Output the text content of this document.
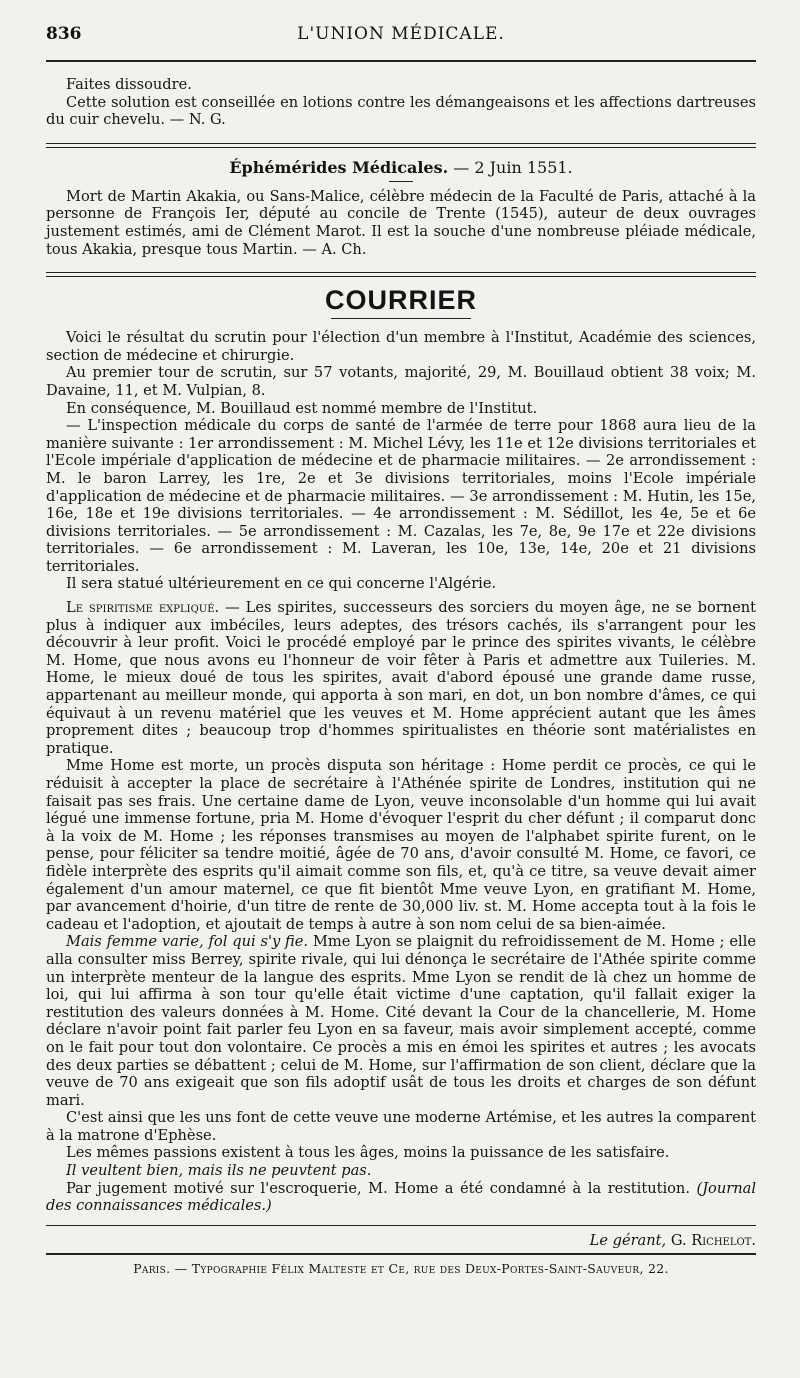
836	L'UNION MÉDICALE.

Faites dissoudre.

Cette solution est conseillée en lotions contre les démangeaisons et les affections dartreuses du cuir chevelu. — N. G.

Éphémérides Médicales. — 2 Juin 1551.

Mort de Martin Akakia, ou Sans-Malice, célèbre médecin de la Faculté de Paris, attaché à la personne de François Ier, député au concile de Trente (1545), auteur de deux ouvrages justement estimés, ami de Clément Marot. Il est la souche d'une nombreuse pléiade médicale, tous Akakia, presque tous Martin. — A. Ch.

COURRIER

Voici le résultat du scrutin pour l'élection d'un membre à l'Institut, Académie des sciences, section de médecine et chirurgie.

Au premier tour de scrutin, sur 57 votants, majorité, 29, M. Bouillaud obtient 38 voix; M. Davaine, 11, et M. Vulpian, 8.

En conséquence, M. Bouillaud est nommé membre de l'Institut.

— L'inspection médicale du corps de santé de l'armée de terre pour 1868 aura lieu de la manière suivante : 1er arrondissement : M. Michel Lévy, les 11e et 12e divisions territoriales et l'Ecole impériale d'application de médecine et de pharmacie militaires. — 2e arrondissement : M. le baron Larrey, les 1re, 2e et 3e divisions territoriales, moins l'Ecole impériale d'application de médecine et de pharmacie militaires. — 3e arrondissement : M. Hutin, les 15e, 16e, 18e et 19e divisions territoriales. — 4e arrondissement : M. Sédillot, les 4e, 5e et 6e divisions territoriales. — 5e arrondissement : M. Cazalas, les 7e, 8e, 9e 17e et 22e divisions territoriales. — 6e arrondissement : M. Laveran, les 10e, 13e, 14e, 20e et 21 divisions territoriales.

Il sera statué ultérieurement en ce qui concerne l'Algérie.

Le spiritisme expliqué. — Les spirites, successeurs des sorciers du moyen âge, ne se bornent plus à indiquer aux imbéciles, leurs adeptes, des trésors cachés, ils s'arrangent pour les découvrir à leur profit. Voici le procédé employé par le prince des spirites vivants, le célèbre M. Home, que nous avons eu l'honneur de voir fêter à Paris et admettre aux Tuileries. M. Home, le mieux doué de tous les spirites, avait d'abord épousé une grande dame russe, appartenant au meilleur monde, qui apporta à son mari, en dot, un bon nombre d'âmes, ce qui équivaut à un revenu matériel que les veuves et M. Home apprécient autant que les âmes proprement dites ; beaucoup trop d'hommes spiritualistes en théorie sont matérialistes en pratique.

Mme Home est morte, un procès disputa son héritage : Home perdit ce procès, ce qui le réduisit à accepter la place de secrétaire à l'Athénée spirite de Londres, institution qui ne faisait pas ses frais. Une certaine dame de Lyon, veuve inconsolable d'un homme qui lui avait légué une immense fortune, pria M. Home d'évoquer l'esprit du cher défunt ; il comparut donc à la voix de M. Home ; les réponses transmises au moyen de l'alphabet spirite furent, on le pense, pour féliciter sa tendre moitié, âgée de 70 ans, d'avoir consulté M. Home, ce favori, ce fidèle interprète des esprits qu'il aimait comme son fils, et, qu'à ce titre, sa veuve devait aimer également d'un amour maternel, ce que fit bientôt Mme veuve Lyon, en gratifiant M. Home, par avancement d'hoirie, d'un titre de rente de 30,000 liv. st. M. Home accepta tout à la fois le cadeau et l'adoption, et ajoutait de temps à autre à son nom celui de sa bien-aimée.

Mais femme varie, fol qui s'y fie. Mme Lyon se plaignit du refroidissement de M. Home ; elle alla consulter miss Berrey, spirite rivale, qui lui dénonça le secrétaire de l'Athée spirite comme un interprète menteur de la langue des esprits. Mme Lyon se rendit de là chez un homme de loi, qui lui affirma à son tour qu'elle était victime d'une captation, qu'il fallait exiger la restitution des valeurs données à M. Home. Cité devant la Cour de la chancellerie, M. Home déclare n'avoir point fait parler feu Lyon en sa faveur, mais avoir simplement accepté, comme on le fait pour tout don volontaire. Ce procès a mis en émoi les spirites et autres ; les avocats des deux parties se débattent ; celui de M. Home, sur l'affirmation de son client, déclare que la veuve de 70 ans exigeait que son fils adoptif usât de tous les droits et charges de son défunt mari.

C'est ainsi que les uns font de cette veuve une moderne Artémise, et les autres la comparent à la matrone d'Ephèse.

Les mêmes passions existent à tous les âges, moins la puissance de les satisfaire.

Il veultent bien, mais ils ne peuvtent pas.

Par jugement motivé sur l'escroquerie, M. Home a été condamné à la restitution. (Journal des connaissances médicales.)

Le gérant, G. Richelot.
Paris. — Typographie Félix Malteste et Ce, rue des Deux-Portes-Saint-Sauveur, 22.
